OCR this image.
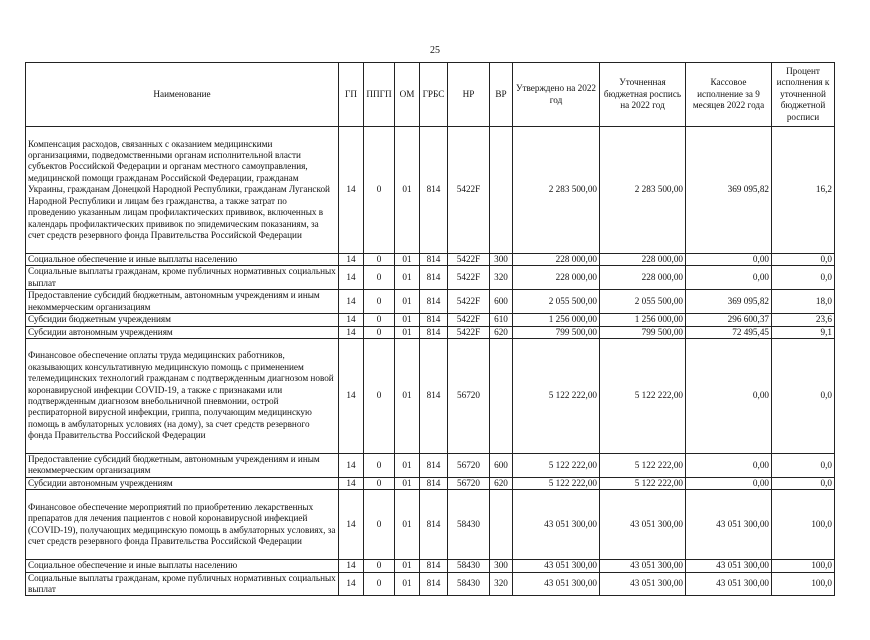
25
Наименование	ГП	ППГП	ОМ	ГРБС	НР	ВР	Утверждено на 2022 год	Уточненная бюджетная роспись на 2022 год	Кассовое исполнение за 9 месяцев 2022 года	Процент исполнения к уточненной бюджетной росписи
Компенсация расходов, связанных с оказанием медицинскими организациями, подведомственными органам исполнительной власти субъектов Российской Федерации и органам местного самоуправления, медицинской помощи гражданам Российской Федерации, гражданам Украины, гражданам Донецкой Народной Республики, гражданам Луганской Народной Республики и лицам без гражданства, а также затрат по проведению указанным лицам профилактических прививок, включенных в календарь профилактических прививок по эпидемическим показаниям, за счет средств резервного фонда Правительства Российской Федерации	14	0	01	814	5422F		2 283 500,00	2 283 500,00	369 095,82	16,2
Социальное обеспечение и иные выплаты населению	14	0	01	814	5422F	300	228 000,00	228 000,00	0,00	0,0
Социальные выплаты гражданам, кроме публичных нормативных социальных выплат	14	0	01	814	5422F	320	228 000,00	228 000,00	0,00	0,0
Предоставление субсидий бюджетным, автономным учреждениям и иным некоммерческим организациям	14	0	01	814	5422F	600	2 055 500,00	2 055 500,00	369 095,82	18,0
Субсидии бюджетным учреждениям	14	0	01	814	5422F	610	1 256 000,00	1 256 000,00	296 600,37	23,6
Субсидии автономным учреждениям	14	0	01	814	5422F	620	799 500,00	799 500,00	72 495,45	9,1
Финансовое обеспечение оплаты труда медицинских работников, оказывающих консультативную медицинскую помощь с применением телемедицинских технологий гражданам с подтвержденным диагнозом новой коронавирусной инфекции COVID-19, а также с признаками или подтвержденным диагнозом внебольничной пневмонии, острой респираторной вирусной инфекции, гриппа, получающим медицинскую помощь в амбулаторных условиях (на дому), за счет средств резервного фонда Правительства Российской Федерации	14	0	01	814	56720		5 122 222,00	5 122 222,00	0,00	0,0
Предоставление субсидий бюджетным, автономным учреждениям и иным некоммерческим организациям	14	0	01	814	56720	600	5 122 222,00	5 122 222,00	0,00	0,0
Субсидии автономным учреждениям	14	0	01	814	56720	620	5 122 222,00	5 122 222,00	0,00	0,0
Финансовое обеспечение мероприятий по приобретению лекарственных препаратов для лечения пациентов с новой коронавирусной инфекцией (COVID-19), получающих медицинскую помощь в амбулаторных условиях, за счет средств резервного фонда Правительства Российской Федерации	14	0	01	814	58430		43 051 300,00	43 051 300,00	43 051 300,00	100,0
Социальное обеспечение и иные выплаты населению	14	0	01	814	58430	300	43 051 300,00	43 051 300,00	43 051 300,00	100,0
Социальные выплаты гражданам, кроме публичных нормативных социальных выплат	14	0	01	814	58430	320	43 051 300,00	43 051 300,00	43 051 300,00	100,0
